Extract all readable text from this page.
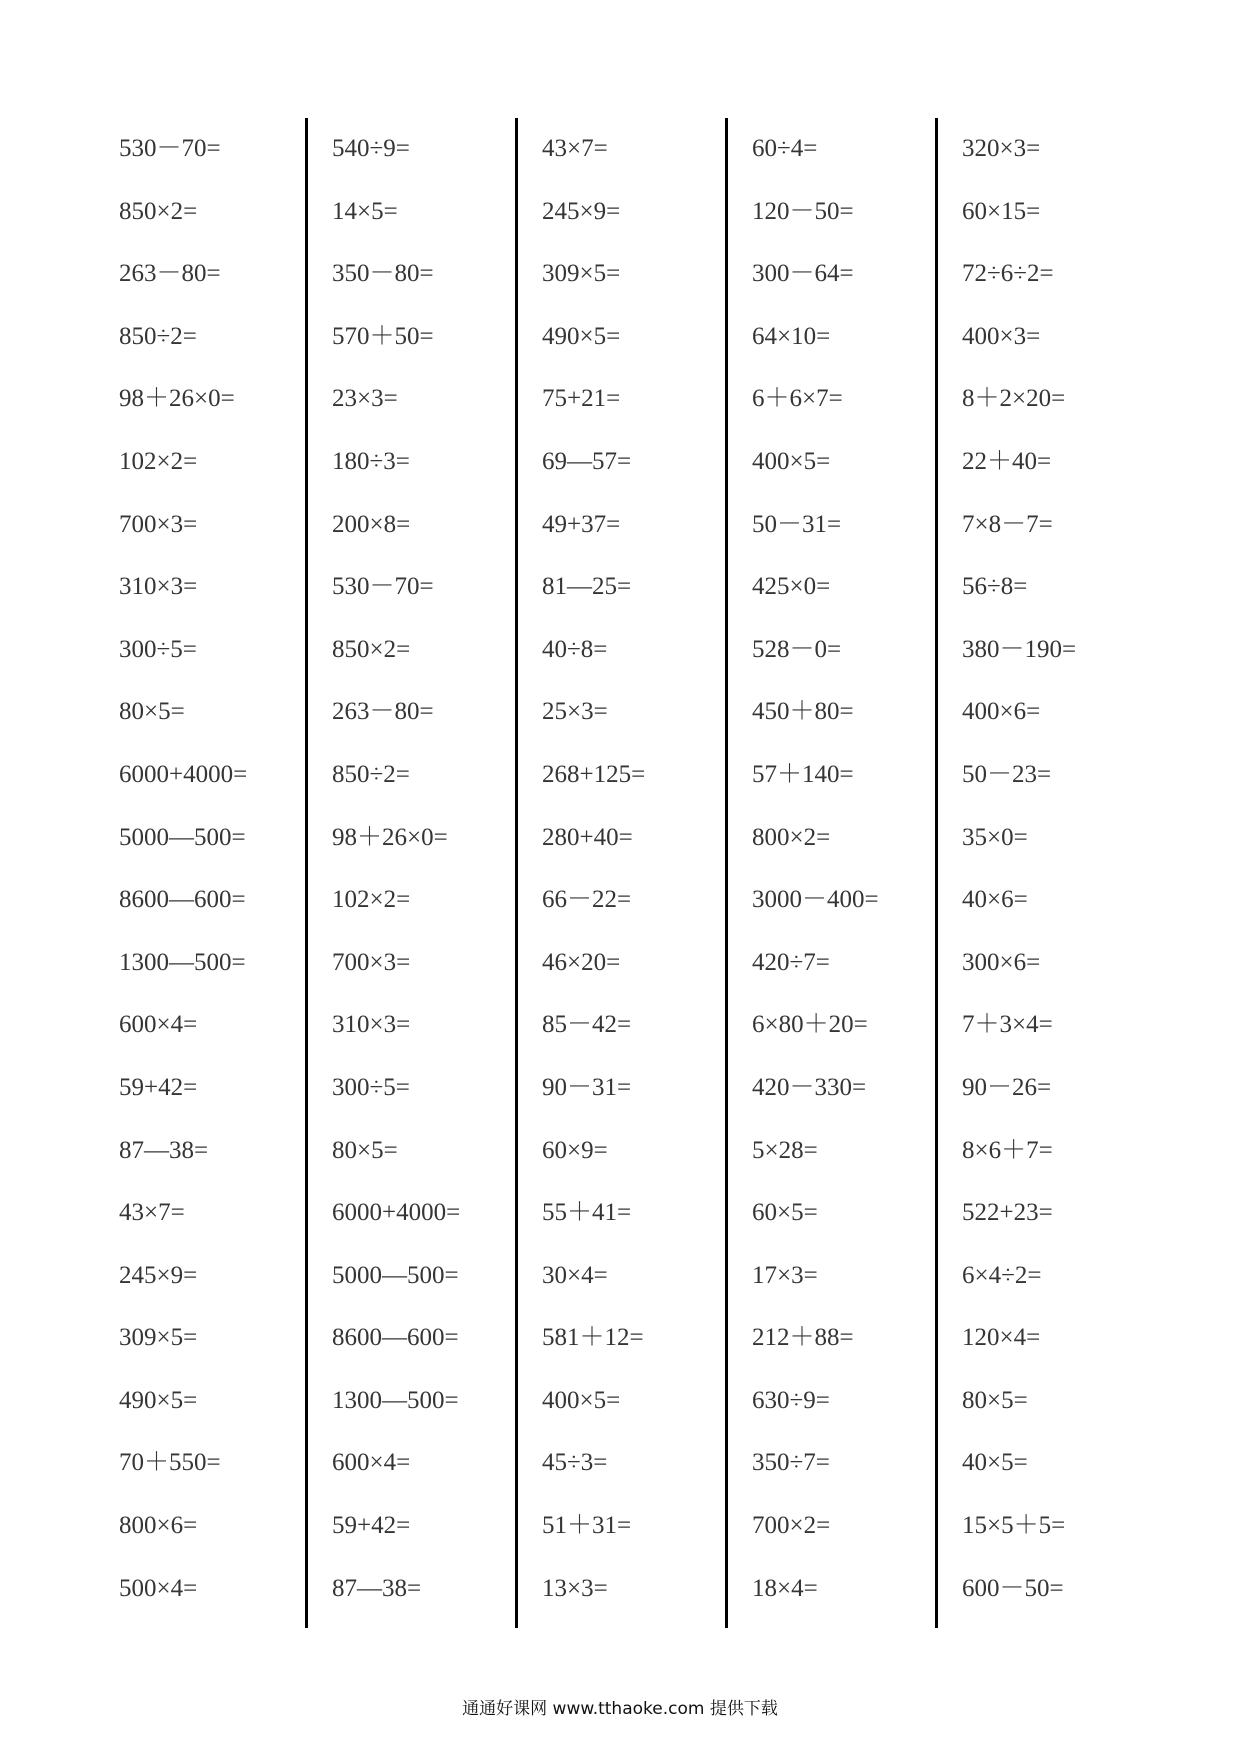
530－70=
850×2=
263－80=
850÷2=
98＋26×0=
102×2=
700×3=
310×3=
300÷5=
80×5=
6000+4000=
5000—500=
8600—600=
1300—500=
600×4=
59+42=
87—38=
43×7=
245×9=
309×5=
490×5=
70＋550=
800×6=
500×4=
540÷9=
14×5=
350－80=
570＋50=
23×3=
180÷3=
200×8=
530－70=
850×2=
263－80=
850÷2=
98＋26×0=
102×2=
700×3=
310×3=
300÷5=
80×5=
6000+4000=
5000—500=
8600—600=
1300—500=
600×4=
59+42=
87—38=
43×7=
245×9=
309×5=
490×5=
75+21=
69—57=
49+37=
81—25=
40÷8=
25×3=
268+125=
280+40=
66－22=
46×20=
85－42=
90－31=
60×9=
55＋41=
30×4=
581＋12=
400×5=
45÷3=
51＋31=
13×3=
60÷4=
120－50=
300－64=
64×10=
6＋6×7=
400×5=
50－31=
425×0=
528－0=
450＋80=
57＋140=
800×2=
3000－400=
420÷7=
6×80＋20=
420－330=
5×28=
60×5=
17×3=
212＋88=
630÷9=
350÷7=
700×2=
18×4=
320×3=
60×15=
72÷6÷2=
400×3=
8＋2×20=
22＋40=
7×8－7=
56÷8=
380－190=
400×6=
50－23=
35×0=
40×6=
300×6=
7＋3×4=
90－26=
8×6＋7=
522+23=
6×4÷2=
120×4=
80×5=
40×5=
15×5＋5=
600－50=
通通好课网 www.tthaoke.com 提供下载
